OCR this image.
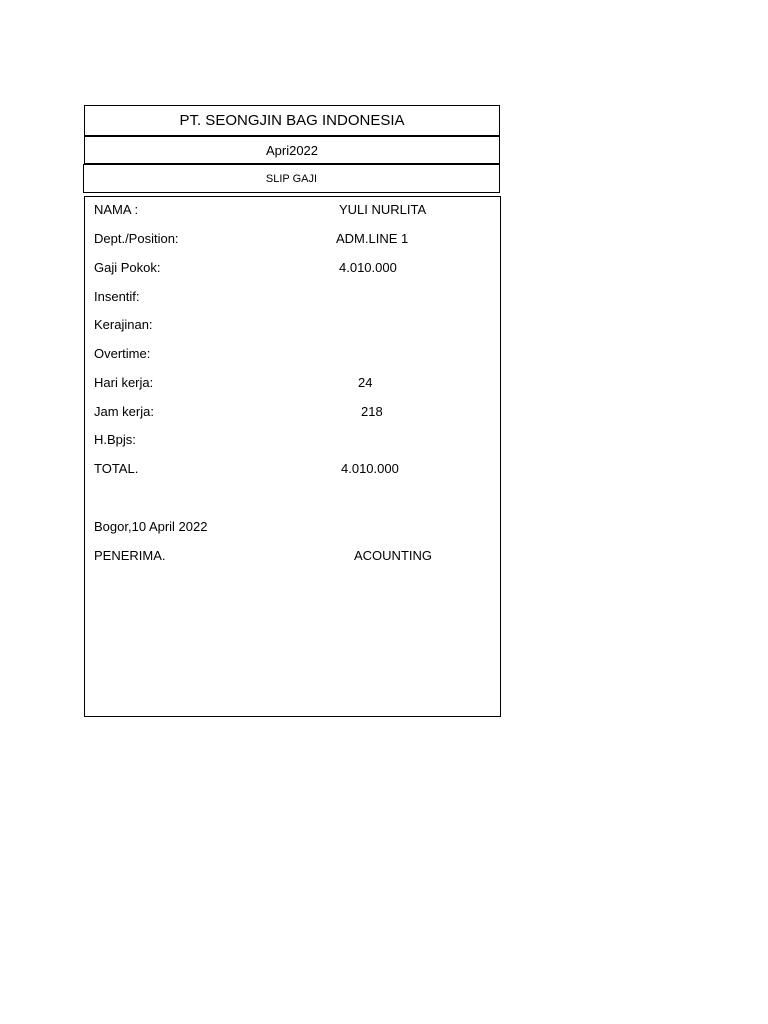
PT. SEONGJIN BAG INDONESIA
Apri2022
SLIP GAJI
NAMA :
Dept./Position:
Gaji Pokok:
Insentif:
Kerajinan:
Overtime:
Hari kerja:
Jam kerja:
H.Bpjs:
TOTAL.
YULI NURLITA
ADM.LINE 1
4.010.000
24
218
4.010.000
Bogor,10 April 2022
PENERIMA.	ACOUNTING
